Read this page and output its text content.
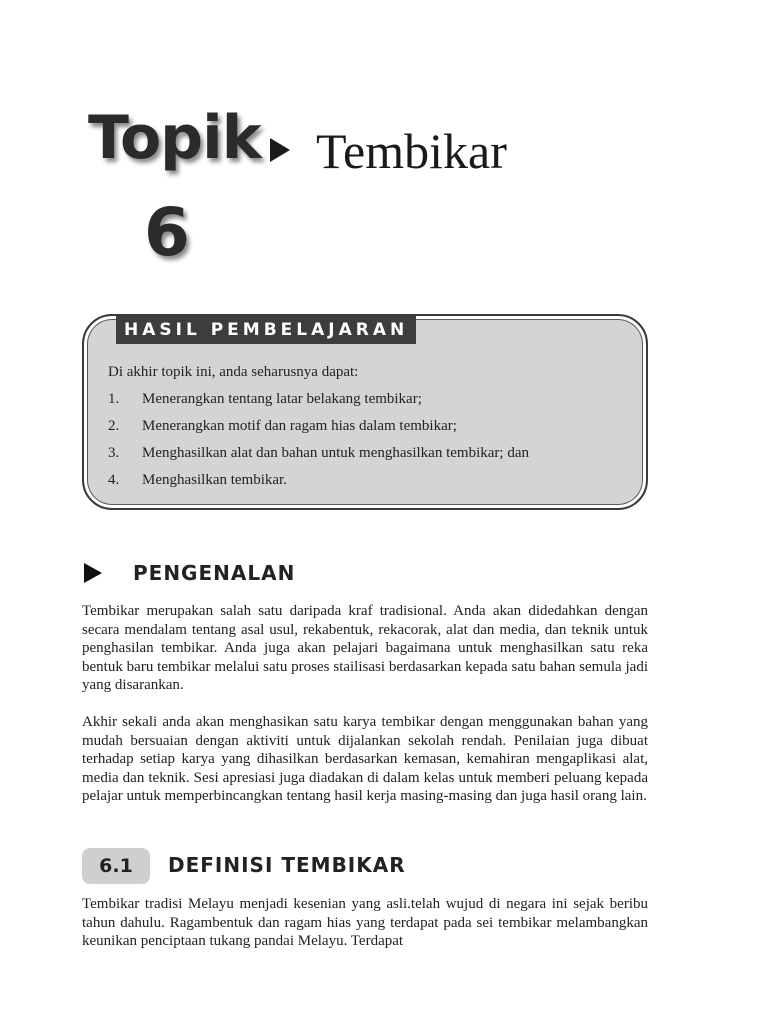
Topik
6
Tembikar
HASIL PEMBELAJARAN
Di akhir topik ini, anda seharusnya dapat:
1.	Menerangkan tentang latar belakang tembikar;
2.	Menerangkan motif dan ragam hias dalam tembikar;
3.	Menghasilkan alat dan bahan untuk menghasilkan tembikar; dan
4.	Menghasilkan tembikar.
PENGENALAN
Tembikar merupakan salah satu daripada kraf tradisional. Anda akan didedahkan dengan secara mendalam tentang asal usul, rekabentuk, rekacorak, alat dan media, dan teknik untuk penghasilan tembikar. Anda juga akan pelajari bagaimana untuk menghasilkan satu reka bentuk baru tembikar melalui satu proses stailisasi berdasarkan kepada satu bahan semula jadi yang disarankan.
Akhir sekali anda akan menghasikan satu karya tembikar dengan menggunakan bahan yang mudah bersuaian dengan aktiviti untuk dijalankan sekolah rendah. Penilaian juga dibuat terhadap setiap karya yang dihasilkan berdasarkan kemasan, kemahiran mengaplikasi alat, media dan teknik. Sesi apresiasi juga diadakan di dalam kelas untuk memberi peluang kepada pelajar untuk memperbincangkan tentang hasil kerja masing-masing dan juga hasil orang lain.
6.1	DEFINISI TEMBIKAR
Tembikar tradisi Melayu menjadi kesenian yang asli.telah wujud di negara ini sejak beribu tahun dahulu. Ragambentuk dan ragam hias yang terdapat pada sei tembikar melambangkan keunikan penciptaan tukang pandai Melayu. Terdapat
